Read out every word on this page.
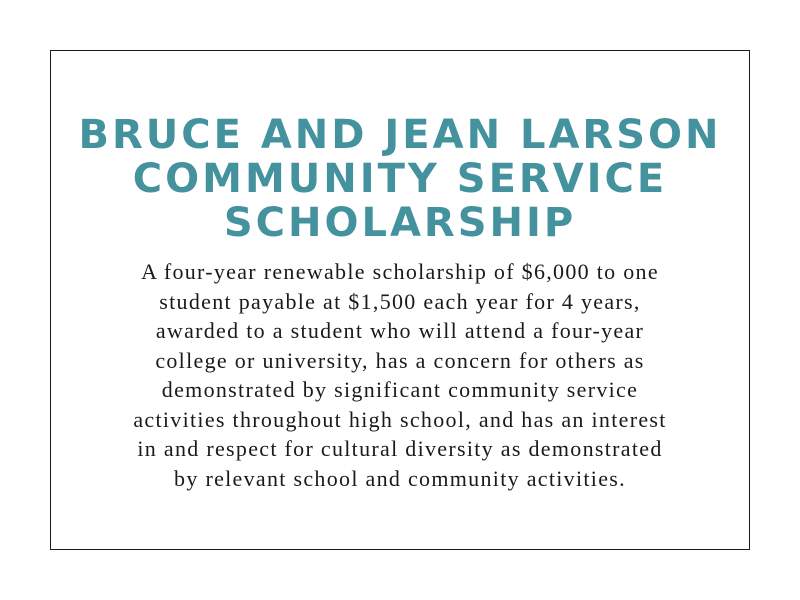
BRUCE AND JEAN LARSON
COMMUNITY SERVICE
SCHOLARSHIP

A four-year renewable scholarship of $6,000 to one
student payable at $1,500 each year for 4 years,
awarded to a student who will attend a four-year
college or university, has a concern for others as
demonstrated by significant community service
activities throughout high school, and has an interest
in and respect for cultural diversity as demonstrated
by relevant school and community activities.
